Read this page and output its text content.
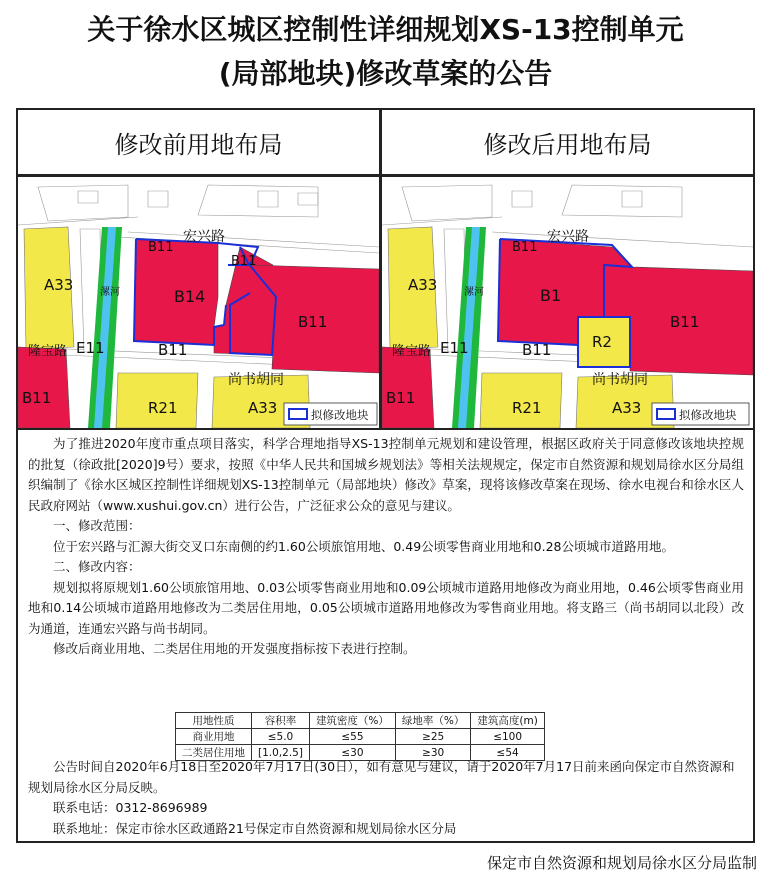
关于徐水区城区控制性详细规划XS-13控制单元
(局部地块)修改草案的公告
修改前用地布局	修改后用地布局
A33
B11
B11
B14
B11
B11
B11
E11
R21	A33
宏兴路
尚书胡同
隆宝路
漯河
拟修改地块
A33
B11
B1
B11
B11	R2
B11
E11
R21	A33
宏兴路
尚书胡同
隆宝路
漯河
拟修改地块

为了推进2020年度市重点项目落实，科学合理地指导XS-13控制单元规划和建设管理，根据区政府关于同意修改该地块控规的批复（徐政批[2020]9号）要求，按照《中华人民共和国城乡规划法》等相关法规规定，保定市自然资源和规划局徐水区分局组织编制了《徐水区城区控制性详细规划XS-13控制单元（局部地块）修改》草案，现将该修改草案在现场、徐水电视台和徐水区人民政府网站（www.xushui.gov.cn）进行公告，广泛征求公众的意见与建议。

一、修改范围：

位于宏兴路与汇源大街交叉口东南侧的约1.60公顷旅馆用地、0.49公顷零售商业用地和0.28公顷城市道路用地。

二、修改内容：

规划拟将原规划1.60公顷旅馆用地、0.03公顷零售商业用地和0.09公顷城市道路用地修改为商业用地，0.46公顷零售商业用地和0.14公顷城市道路用地修改为二类居住用地，0.05公顷城市道路用地修改为零售商业用地。将支路三（尚书胡同以北段）改为通道，连通宏兴路与尚书胡同。

修改后商业用地、二类居住用地的开发强度指标按下表进行控制。

用地性质	容积率	建筑密度（%）	绿地率（%）	建筑高度(m)
商业用地	≤5.0	≤55	≥25	≤100
二类居住用地	[1.0,2.5]	≤30	≥30	≤54

公告时间自2020年6月18日至2020年7月17日(30日），如有意见与建议，请于2020年7月17日前来函向保定市自然资源和规划局徐水区分局反映。

联系电话：0312-8696989

联系地址：保定市徐水区政通路21号保定市自然资源和规划局徐水区分局

保定市自然资源和规划局徐水区分局监制
